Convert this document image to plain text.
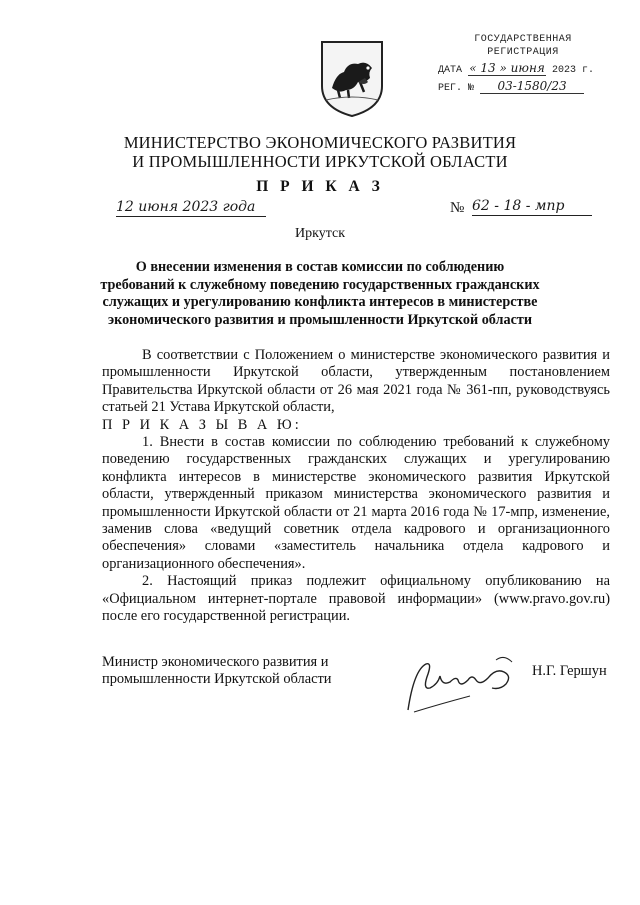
ГОСУДАРСТВЕННАЯ
РЕГИСТРАЦИЯ
ДАТА « 13 » июня 2023 г.
РЕГ. № 03-1580/23
МИНИСТЕРСТВО ЭКОНОМИЧЕСКОГО РАЗВИТИЯ
И ПРОМЫШЛЕННОСТИ ИРКУТСКОЙ ОБЛАСТИ
П Р И К А З
12 июня 2023 года	№ 62 - 18 - мпр
Иркутск
О внесении изменения в состав комиссии по соблюдению требований к служебному поведению государственных гражданских служащих и урегулированию конфликта интересов в министерстве экономического развития и промышленности Иркутской области

В соответствии с Положением о министерстве экономического развития и промышленности Иркутской области, утвержденным постановлением Правительства Иркутской области от 26 мая 2021 года № 361-пп, руководствуясь статьей 21 Устава Иркутской области,

П Р И К А З Ы В А Ю:

1. Внести в состав комиссии по соблюдению требований к служебному поведению государственных гражданских служащих и урегулированию конфликта интересов в министерстве экономического развития Иркутской области, утвержденный приказом министерства экономического развития и промышленности Иркутской области от 21 марта 2016 года № 17-мпр, изменение, заменив слова «ведущий советник отдела кадрового и организационного обеспечения» словами «заместитель начальника отдела кадрового и организационного обеспечения».

2. Настоящий приказ подлежит официальному опубликованию на «Официальном интернет-портале правовой информации» (www.pravo.gov.ru) после его государственной регистрации.

Министр экономического развития и
промышленности Иркутской области	Н.Г. Гершун
